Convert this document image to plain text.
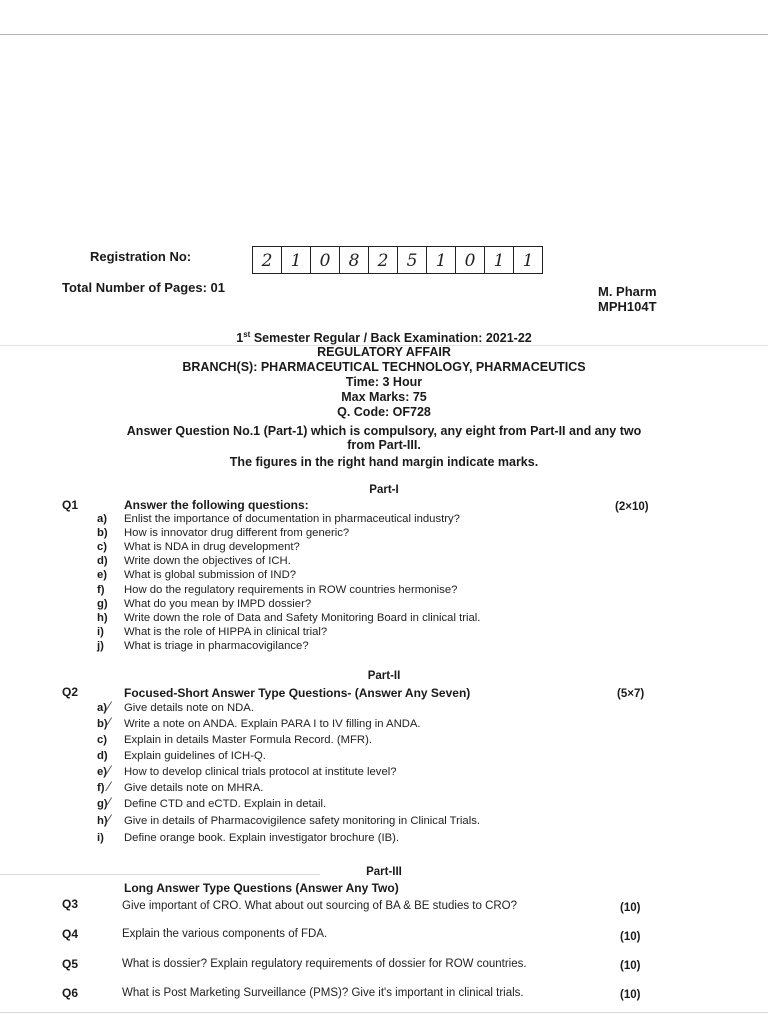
Registration No:	2	1	0	8	2	5	1	0	1	1
Total Number of Pages: 01	M. Pharm
MPH104T
1st Semester Regular / Back Examination: 2021-22
REGULATORY AFFAIR
BRANCH(S): PHARMACEUTICAL TECHNOLOGY, PHARMACEUTICS
Time: 3 Hour
Max Marks: 75
Q. Code: OF728
Answer Question No.1 (Part-1) which is compulsory, any eight from Part-II and any two
from Part-III.
The figures in the right hand margin indicate marks.
Part-I
Q1	Answer the following questions:	(2×10)
a)	Enlist the importance of documentation in pharmaceutical industry?
b) How is innovator drug different from generic?
c)	What is NDA in drug development?
d) Write down the objectives of ICH.
e)	What is global submission of IND?
f)	How do the regulatory requirements in ROW countries hermonise?
g) What do you mean by IMPD dossier?
h) Write down the role of Data and Safety Monitoring Board in clinical trial.
i)	What is the role of HIPPA in clinical trial?
j)	What is triage in pharmacovigilance?
Part-II
Q2	Focused-Short Answer Type Questions- (Answer Any Seven)	(5×7)
a)	Give details note on NDA.
b) Write a note on ANDA. Explain PARA I to IV filling in ANDA.
c)	Explain in details Master Formula Record. (MFR).
d) Explain guidelines of ICH-Q.
e)	How to develop clinical trials protocol at institute level?
f)	Give details note on MHRA.
g) Define CTD and eCTD. Explain in detail.
h) Give in details of Pharmacovigilence safety monitoring in Clinical Trials.
i)	Define orange book. Explain investigator brochure (IB).
⁄
⁄
⁄
⁄
⁄
⁄
Part-III
Long Answer Type Questions (Answer Any Two)
Q3	Give important of CRO. What about out sourcing of BA & BE studies to CRO?	(10)
Q4	Explain the various components of FDA.	(10)
Q5	What is dossier? Explain regulatory requirements of dossier for ROW countries.	(10)
Q6	What is Post Marketing Surveillance (PMS)? Give it's important in clinical trials.	(10)
